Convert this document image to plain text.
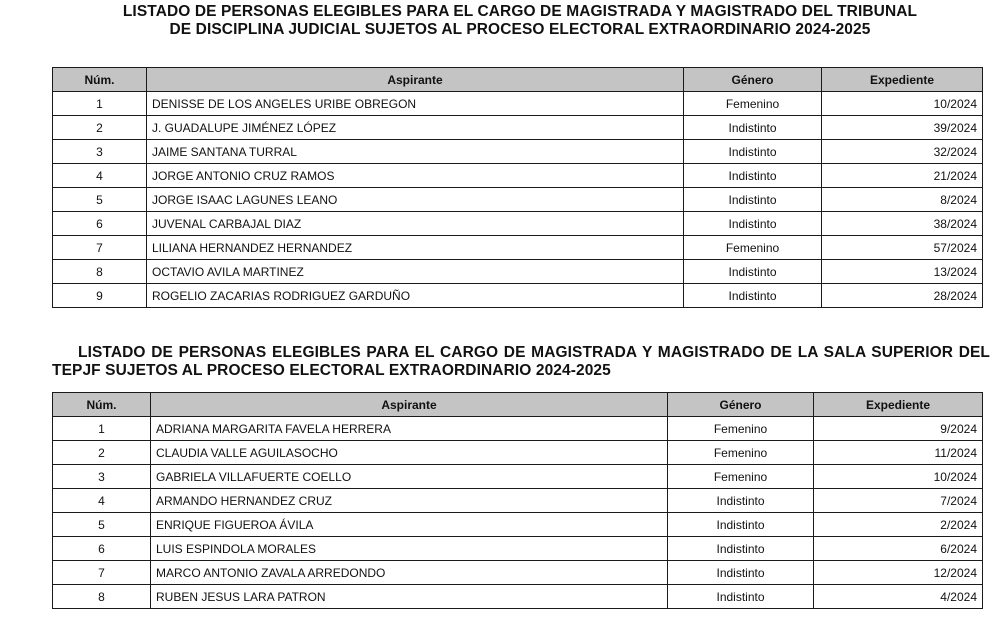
LISTADO DE PERSONAS ELEGIBLES PARA EL CARGO DE MAGISTRADA Y MAGISTRADO DEL TRIBUNAL DE DISCIPLINA JUDICIAL SUJETOS AL PROCESO ELECTORAL EXTRAORDINARIO 2024-2025
Núm.	Aspirante	Género	Expediente
1	DENISSE DE LOS ANGELES URIBE OBREGON	Femenino	10/2024
2	J. GUADALUPE JIMÉNEZ LÓPEZ	Indistinto	39/2024
3	JAIME SANTANA TURRAL	Indistinto	32/2024
4	JORGE ANTONIO CRUZ RAMOS	Indistinto	21/2024
5	JORGE ISAAC LAGUNES LEANO	Indistinto	8/2024
6	JUVENAL CARBAJAL DIAZ	Indistinto	38/2024
7	LILIANA HERNANDEZ HERNANDEZ	Femenino	57/2024
8	OCTAVIO AVILA MARTINEZ	Indistinto	13/2024
9	ROGELIO ZACARIAS RODRIGUEZ GARDUÑO	Indistinto	28/2024
LISTADO DE PERSONAS ELEGIBLES PARA EL CARGO DE MAGISTRADA Y MAGISTRADO DE LA SALA SUPERIOR DEL TEPJF SUJETOS AL PROCESO ELECTORAL EXTRAORDINARIO 2024-2025
Núm.	Aspirante	Género	Expediente
1	ADRIANA MARGARITA FAVELA HERRERA	Femenino	9/2024
2	CLAUDIA VALLE AGUILASOCHO	Femenino	11/2024
3	GABRIELA VILLAFUERTE COELLO	Femenino	10/2024
4	ARMANDO HERNANDEZ CRUZ	Indistinto	7/2024
5	ENRIQUE FIGUEROA ÁVILA	Indistinto	2/2024
6	LUIS ESPINDOLA MORALES	Indistinto	6/2024
7	MARCO ANTONIO ZAVALA ARREDONDO	Indistinto	12/2024
8	RUBEN JESUS LARA PATRON	Indistinto	4/2024
